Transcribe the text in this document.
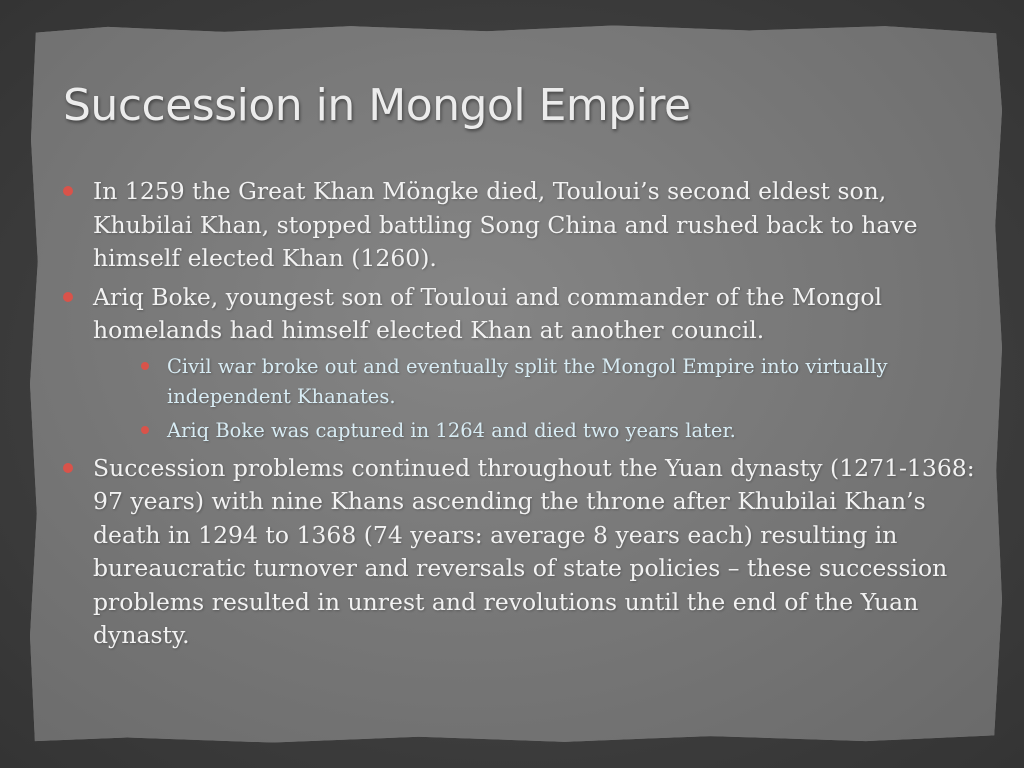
Succession in Mongol Empire
In 1259 the Great Khan Möngke died, Touloui’s second eldest son, Khubilai Khan, stopped battling Song China and rushed back to have himself elected Khan (1260).
Ariq Boke, youngest son of Touloui and commander of the Mongol homelands had himself elected Khan at another council.
Civil war broke out and eventually split the Mongol Empire into virtually independent Khanates.
Ariq Boke was captured in 1264 and died two years later.
Succession problems continued throughout the Yuan dynasty (1271-1368: 97 years) with nine Khans ascending the throne after Khubilai Khan’s death in 1294 to 1368 (74 years: average 8 years each) resulting in bureaucratic turnover and reversals of state policies – these succession problems resulted in unrest and revolutions until the end of the Yuan dynasty.
